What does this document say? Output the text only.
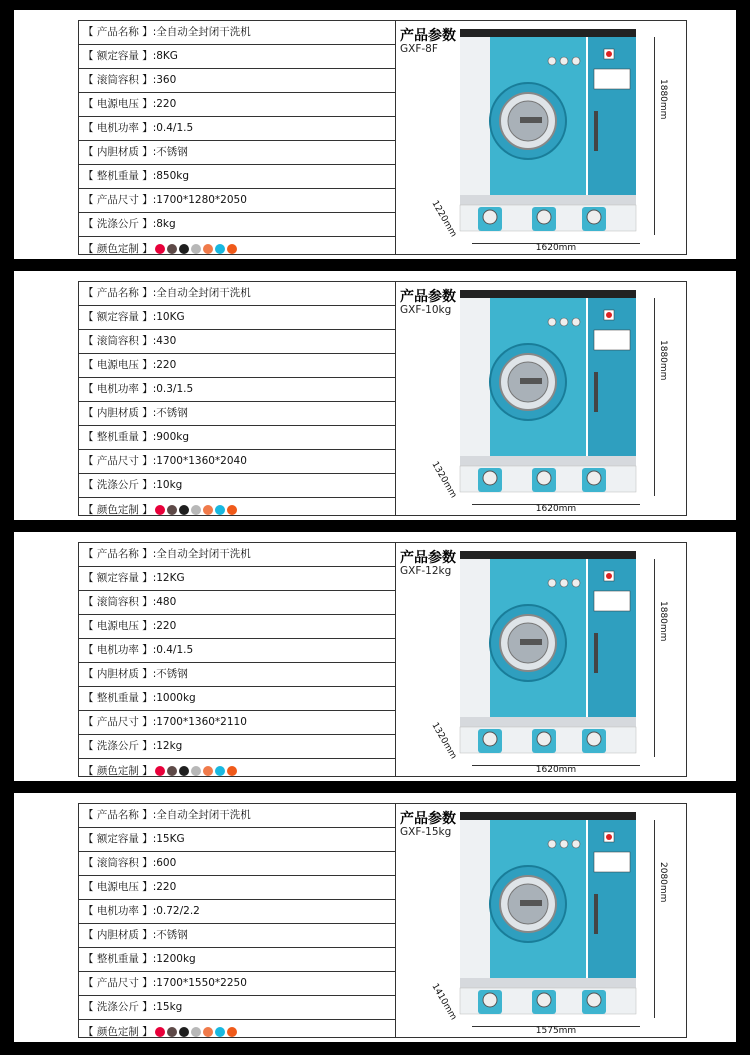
【 产品名称 】:全自动全封闭干洗机
【 额定容量 】:8KG
【 滚筒容积 】:360
【 电源电压 】:220
【 电机功率 】:0.4/1.5
【 内胆材质 】:不锈钢
【 整机重量 】:850kg
【 产品尺寸 】:1700*1280*2050
【 洗涤公斤 】:8kg
【 颜色定制 】
产品参数
GXF-8F
1880mm
1620mm
1220mm
【 产品名称 】:全自动全封闭干洗机
【 额定容量 】:10KG
【 滚筒容积 】:430
【 电源电压 】:220
【 电机功率 】:0.3/1.5
【 内胆材质 】:不锈钢
【 整机重量 】:900kg
【 产品尺寸 】:1700*1360*2040
【 洗涤公斤 】:10kg
【 颜色定制 】
产品参数
GXF-10kg
1880mm
1620mm
1320mm
【 产品名称 】:全自动全封闭干洗机
【 额定容量 】:12KG
【 滚筒容积 】:480
【 电源电压 】:220
【 电机功率 】:0.4/1.5
【 内胆材质 】:不锈钢
【 整机重量 】:1000kg
【 产品尺寸 】:1700*1360*2110
【 洗涤公斤 】:12kg
【 颜色定制 】
产品参数
GXF-12kg
1880mm
1620mm
1320mm
【 产品名称 】:全自动全封闭干洗机
【 额定容量 】:15KG
【 滚筒容积 】:600
【 电源电压 】:220
【 电机功率 】:0.72/2.2
【 内胆材质 】:不锈钢
【 整机重量 】:1200kg
【 产品尺寸 】:1700*1550*2250
【 洗涤公斤 】:15kg
【 颜色定制 】
产品参数
GXF-15kg
2080mm
1575mm
1410mm
